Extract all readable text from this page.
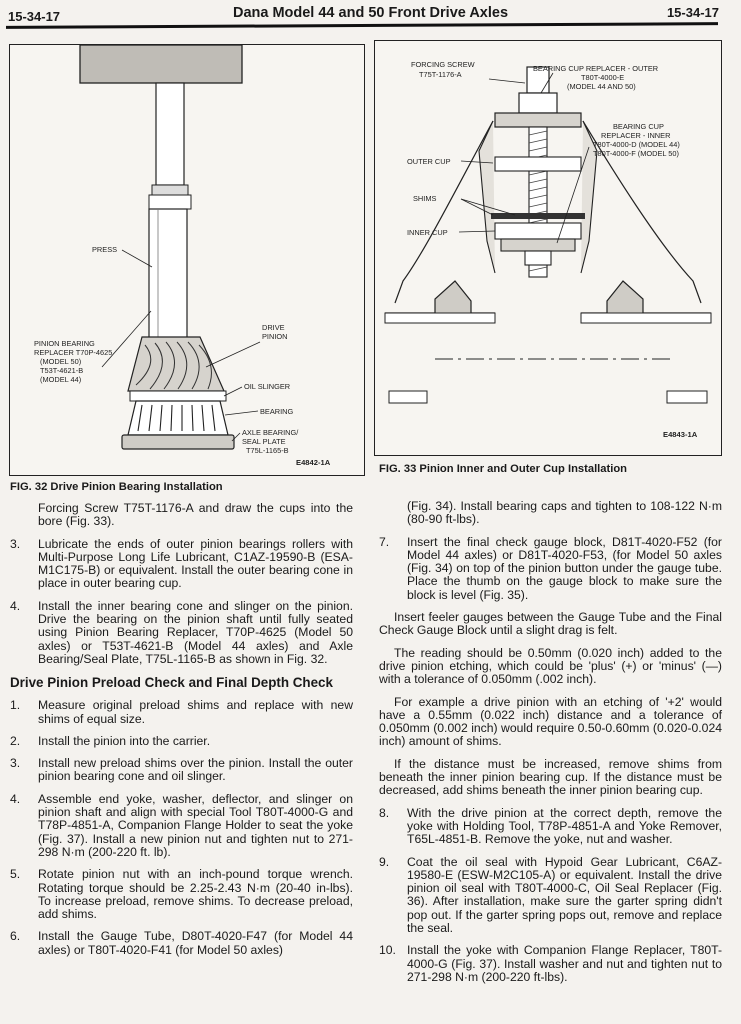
15-34-17	Dana Model 44 and 50 Front Drive Axles	15-34-17
PRESS
DRIVE
PINION
PINION BEARING
REPLACER T70P-4625
(MODEL 50)
T53T-4621-B
(MODEL 44)
OIL SLINGER
BEARING
AXLE BEARING/
SEAL PLATE
T75L-1165-B
E4842-1A
FIG. 32 Drive Pinion Bearing Installation
FORCING SCREW
T75T-1176-A
BEARING CUP REPLACER - OUTER
T80T-4000-E
(MODEL 44 AND 50)
BEARING CUP
REPLACER - INNER
T80T-4000-D (MODEL 44)
T80T-4000-F (MODEL 50)
OUTER CUP
SHIMS
INNER CUP
E4843-1A
FIG. 33 Pinion Inner and Outer Cup Installation

Forcing Screw T75T-1176-A and draw the cups into the bore (Fig. 33).

3.	Lubricate the ends of outer pinion bearings rollers with Multi-Purpose Long Life Lubricant, C1AZ-19590-B (ESA-M1C175-B) or equivalent. Install the outer bearing cone in place in outer bearing cup.
4.	Install the inner bearing cone and slinger on the pinion. Drive the bearing on the pinion shaft until fully seated using Pinion Bearing Replacer, T70P-4625 (Model 50 axles) or T53T-4621-B (Model 44 axles) and Axle Bearing/Seal Plate, T75L-1165-B as shown in Fig. 32.
Drive Pinion Preload Check and Final Depth Check
1.	Measure original preload shims and replace with new shims of equal size.
2.	Install the pinion into the carrier.
3.	Install new preload shims over the pinion. Install the outer pinion bearing cone and oil slinger.
4.	Assemble end yoke, washer, deflector, and slinger on pinion shaft and align with special Tool T80T-4000-G and T78P-4851-A, Companion Flange Holder to seat the yoke (Fig. 37). Install a new pinion nut and tighten nut to 271-298 N·m (200-220 ft. lb).
5.	Rotate pinion nut with an inch-pound torque wrench. Rotating torque should be 2.25-2.43 N·m (20-40 in-lbs). To increase preload, remove shims. To decrease preload, add shims.
6.	Install the Gauge Tube, D80T-4020-F47 (for Model 44 axles) or T80T-4020-F41 (for Model 50 axles)

(Fig. 34). Install bearing caps and tighten to 108-122 N·m (80-90 ft-lbs).

7.	Insert the final check gauge block, D81T-4020-F52 (for Model 44 axles) or D81T-4020-F53, (for Model 50 axles (Fig. 34) on top of the pinion button under the gauge tube. Place the thumb on the gauge block to make sure the block is level (Fig. 35).

Insert feeler gauges between the Gauge Tube and the Final Check Gauge Block until a slight drag is felt.

The reading should be 0.50mm (0.020 inch) added to the drive pinion etching, which could be 'plus' (+) or 'minus' (—) with a tolerance of 0.050mm (.002 inch).

For example a drive pinion with an etching of '+2' would have a 0.55mm (0.022 inch) distance and a tolerance of 0.050mm (0.002 inch) would require 0.50-0.60mm (0.020-0.024 inch) amount of shims.

If the distance must be increased, remove shims from beneath the inner pinion bearing cup. If the distance must be decreased, add shims beneath the inner pinion bearing cup.

8.	With the drive pinion at the correct depth, remove the yoke with Holding Tool, T78P-4851-A and Yoke Remover, T65L-4851-B. Remove the yoke, nut and washer.
9.	Coat the oil seal with Hypoid Gear Lubricant, C6AZ-19580-E (ESW-M2C105-A) or equivalent. Install the drive pinion oil seal with T80T-4000-C, Oil Seal Replacer (Fig. 36). After installation, make sure the garter spring didn't pop out. If the garter spring pops out, remove and replace the seal.
10. Install the yoke with Companion Flange Replacer, T80T-4000-G (Fig. 37). Install washer and nut and tighten nut to 271-298 N·m (200-220 ft-lbs).
